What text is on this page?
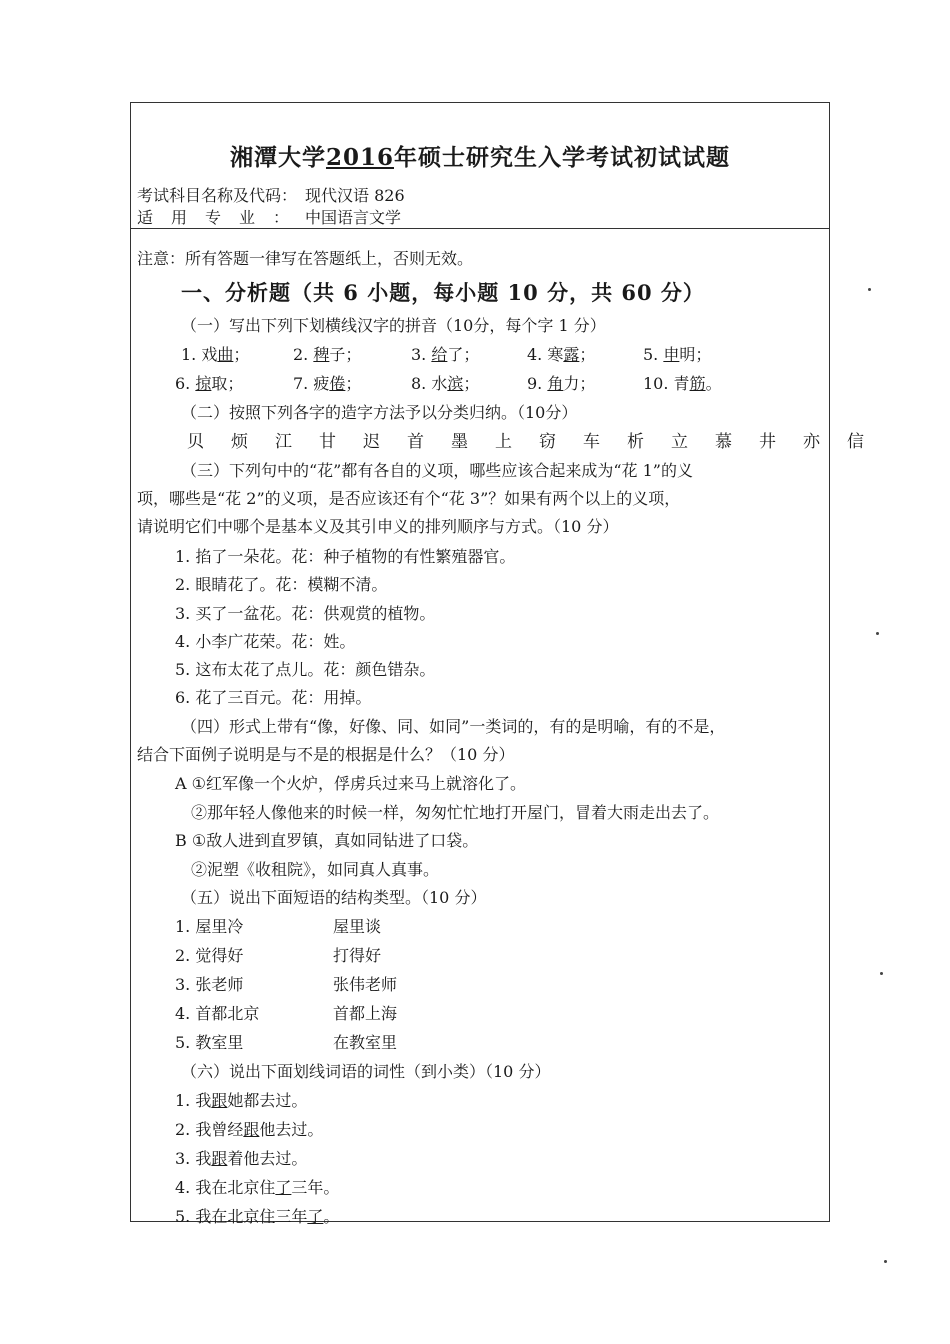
湘潭大学2016年硕士研究生入学考试初试试题
考试科目名称及代码： 现代汉语 826
适用专业：中国语言文学
注意：所有答题一律写在答题纸上，否则无效。
一、分析题（共 6 小题，每小题 10 分，共 60 分）
（一）写出下列下划横线汉字的拼音（10分，每个字 1 分）
1. 戏曲；	2. 稗子；	3. 给了；	4. 寒露；	5. 申明；
6. 掠取；	7. 疲倦；	8. 水滨；	9. 角力；	10. 青筋。
（二）按照下列各字的造字方法予以分类归纳。（10分）
贝 烦 江 甘 迟 首 墨 上 窃 车 析 立 慕 井 亦 信
（三）下列句中的“花”都有各自的义项，哪些应该合起来成为“花 1”的义
项，哪些是“花 2”的义项，是否应该还有个“花 3”？如果有两个以上的义项，
请说明它们中哪个是基本义及其引申义的排列顺序与方式。（10 分）
1. 掐了一朵花。花：种子植物的有性繁殖器官。
2. 眼睛花了。花：模糊不清。
3. 买了一盆花。花：供观赏的植物。
4. 小李广花荣。花：姓。
5. 这布太花了点儿。花：颜色错杂。
6. 花了三百元。花：用掉。
（四）形式上带有“像，好像、同、如同”一类词的，有的是明喻，有的不是，
结合下面例子说明是与不是的根据是什么？（10 分）
A ①红军像一个火炉，俘虏兵过来马上就溶化了。
②那年轻人像他来的时候一样，匆匆忙忙地打开屋门，冒着大雨走出去了。
B ①敌人进到直罗镇，真如同钻进了口袋。
②泥塑《收租院》，如同真人真事。
（五）说出下面短语的结构类型。（10 分）
1. 屋里冷	屋里谈
2. 觉得好	打得好
3. 张老师	张伟老师
4. 首都北京	首都上海
5. 教室里	在教室里
（六）说出下面划线词语的词性（到小类）（10 分）
1. 我跟她都去过。
2. 我曾经跟他去过。
3. 我跟着他去过。
4. 我在北京住了三年。
5. 我在北京住三年了。
